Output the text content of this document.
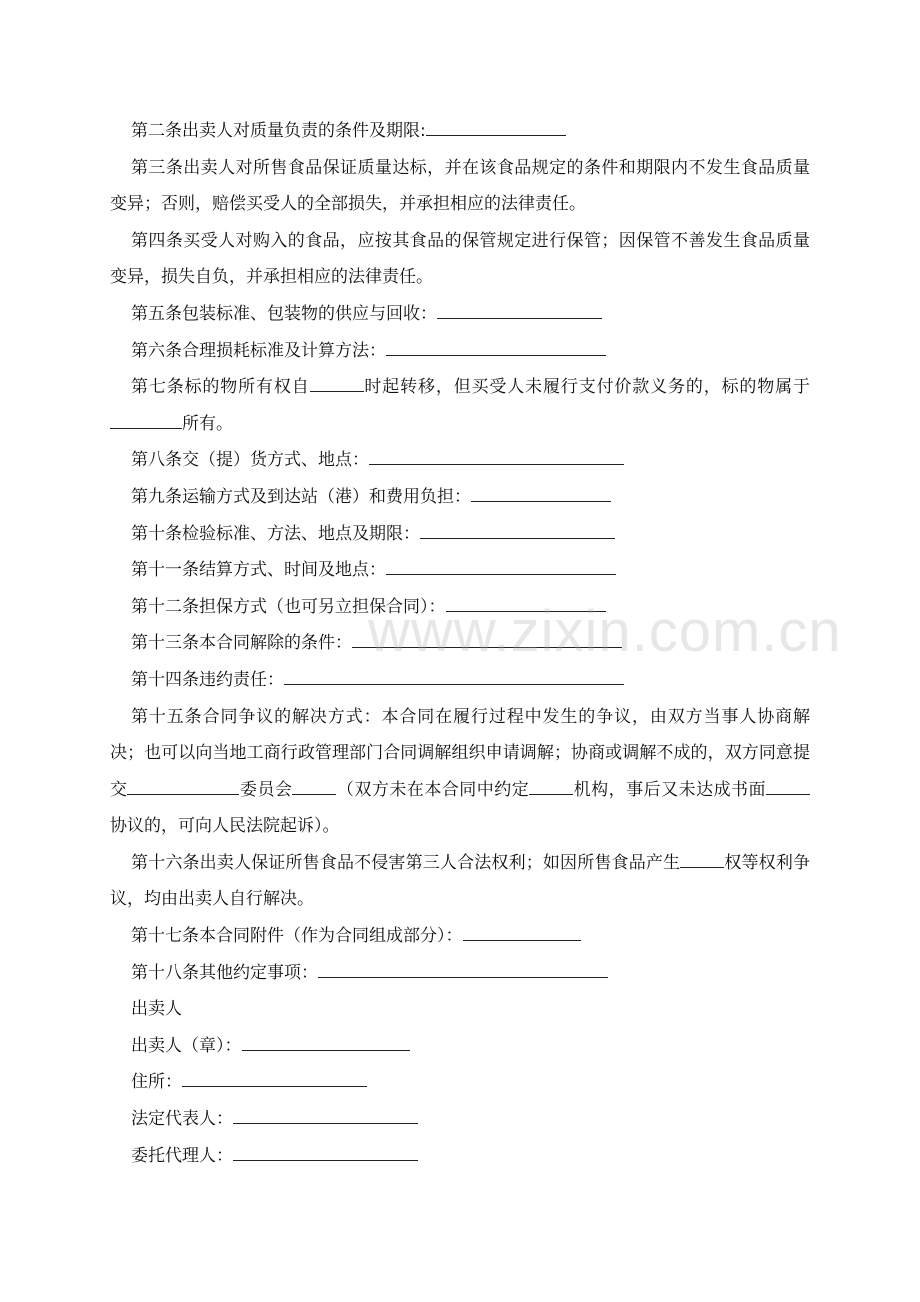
第二条出卖人对质量负责的条件及期限:

第三条出卖人对所售食品保证质量达标，并在该食品规定的条件和期限内不发生食品质量变异；否则，赔偿买受人的全部损失，并承担相应的法律责任。

第四条买受人对购入的食品，应按其食品的保管规定进行保管；因保管不善发生食品质量变异，损失自负，并承担相应的法律责任。

第五条包装标准、包装物的供应与回收：

第六条合理损耗标准及计算方法：

第七条标的物所有权自	时起转移，但买受人未履行支付价款义务的，标的物属于所有。

第八条交（提）货方式、地点：

第九条运输方式及到达站（港）和费用负担：

第十条检验标准、方法、地点及期限：

第十一条结算方式、时间及地点：

第十二条担保方式（也可另立担保合同）：

第十三条本合同解除的条件：

第十四条违约责任：

第十五条合同争议的解决方式：本合同在履行过程中发生的争议，由双方当事人协商解决；也可以向当地工商行政管理部门合同调解组织申请调解；协商或调解不成的，双方同意提交	委员会	（双方未在本合同中约定	机构，事后又未达成书面协议的，可向人民法院起诉）。

第十六条出卖人保证所售食品不侵害第三人合法权利；如因所售食品产生	权等权利争议，均由出卖人自行解决。

第十七条本合同附件（作为合同组成部分）：

第十八条其他约定事项：

出卖人

出卖人（章）：

住所：

法定代表人：

委托代理人：

www.zixin.com.cn
